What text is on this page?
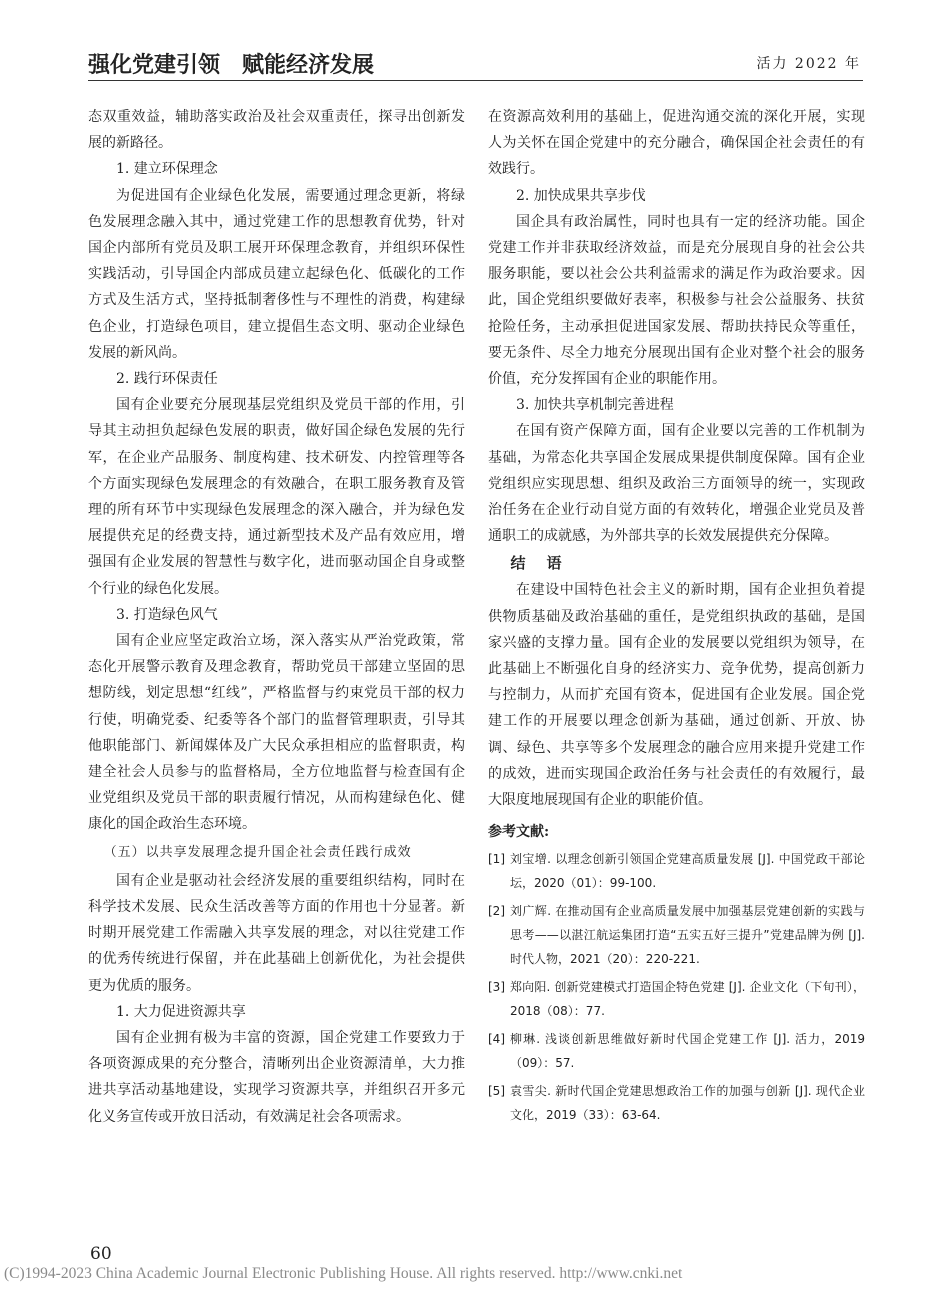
强化党建引领　赋能经济发展	活力 2022 年

态双重效益，辅助落实政治及社会双重责任，探寻出创新发展的新路径。

1. 建立环保理念

为促进国有企业绿色化发展，需要通过理念更新，将绿色发展理念融入其中，通过党建工作的思想教育优势，针对国企内部所有党员及职工展开环保理念教育，并组织环保性实践活动，引导国企内部成员建立起绿色化、低碳化的工作方式及生活方式，坚持抵制奢侈性与不理性的消费，构建绿色企业，打造绿色项目，建立提倡生态文明、驱动企业绿色发展的新风尚。

2. 践行环保责任

国有企业要充分展现基层党组织及党员干部的作用，引导其主动担负起绿色发展的职责，做好国企绿色发展的先行军，在企业产品服务、制度构建、技术研发、内控管理等各个方面实现绿色发展理念的有效融合，在职工服务教育及管理的所有环节中实现绿色发展理念的深入融合，并为绿色发展提供充足的经费支持，通过新型技术及产品有效应用，增强国有企业发展的智慧性与数字化，进而驱动国企自身或整个行业的绿色化发展。

3. 打造绿色风气

国有企业应坚定政治立场，深入落实从严治党政策，常态化开展警示教育及理念教育，帮助党员干部建立坚固的思想防线，划定思想“红线”，严格监督与约束党员干部的权力行使，明确党委、纪委等各个部门的监督管理职责，引导其他职能部门、新闻媒体及广大民众承担相应的监督职责，构建全社会人员参与的监督格局，全方位地监督与检查国有企业党组织及党员干部的职责履行情况，从而构建绿色化、健康化的国企政治生态环境。

（五）以共享发展理念提升国企社会责任践行成效

国有企业是驱动社会经济发展的重要组织结构，同时在科学技术发展、民众生活改善等方面的作用也十分显著。新时期开展党建工作需融入共享发展的理念，对以往党建工作的优秀传统进行保留，并在此基础上创新优化，为社会提供更为优质的服务。

1. 大力促进资源共享

国有企业拥有极为丰富的资源，国企党建工作要致力于各项资源成果的充分整合，清晰列出企业资源清单，大力推进共享活动基地建设，实现学习资源共享，并组织召开多元化义务宣传或开放日活动，有效满足社会各项需求。

在资源高效利用的基础上，促进沟通交流的深化开展，实现人为关怀在国企党建中的充分融合，确保国企社会责任的有效践行。

2. 加快成果共享步伐

国企具有政治属性，同时也具有一定的经济功能。国企党建工作并非获取经济效益，而是充分展现自身的社会公共服务职能，要以社会公共利益需求的满足作为政治要求。因此，国企党组织要做好表率，积极参与社会公益服务、扶贫抢险任务，主动承担促进国家发展、帮助扶持民众等重任，要无条件、尽全力地充分展现出国有企业对整个社会的服务价值，充分发挥国有企业的职能作用。

3. 加快共享机制完善进程

在国有资产保障方面，国有企业要以完善的工作机制为基础，为常态化共享国企发展成果提供制度保障。国有企业党组织应实现思想、组织及政治三方面领导的统一，实现政治任务在企业行动自觉方面的有效转化，增强企业党员及普通职工的成就感，为外部共享的长效发展提供充分保障。

结　语

在建设中国特色社会主义的新时期，国有企业担负着提供物质基础及政治基础的重任，是党组织执政的基础，是国家兴盛的支撑力量。国有企业的发展要以党组织为领导，在此基础上不断强化自身的经济实力、竞争优势，提高创新力与控制力，从而扩充国有资本，促进国有企业发展。国企党建工作的开展要以理念创新为基础，通过创新、开放、协调、绿色、共享等多个发展理念的融合应用来提升党建工作的成效，进而实现国企政治任务与社会责任的有效履行，最大限度地展现国有企业的职能价值。

参考文献:
[1] 刘宝增. 以理念创新引领国企党建高质量发展 [J]. 中国党政干部论坛，2020（01）：99-100.
[2] 刘广辉. 在推动国有企业高质量发展中加强基层党建创新的实践与思考——以湛江航运集团打造“五实五好三提升”党建品牌为例 [J]. 时代人物，2021（20）：220-221.
[3] 郑向阳. 创新党建模式打造国企特色党建 [J]. 企业文化（下旬刊），2018（08）：77.
[4] 柳琳. 浅谈创新思维做好新时代国企党建工作 [J]. 活力，2019（09）：57.
[5] 袁雪尖. 新时代国企党建思想政治工作的加强与创新 [J]. 现代企业文化，2019（33）：63-64.
60
(C)1994-2023 China Academic Journal Electronic Publishing House. All rights reserved. http://www.cnki.net
